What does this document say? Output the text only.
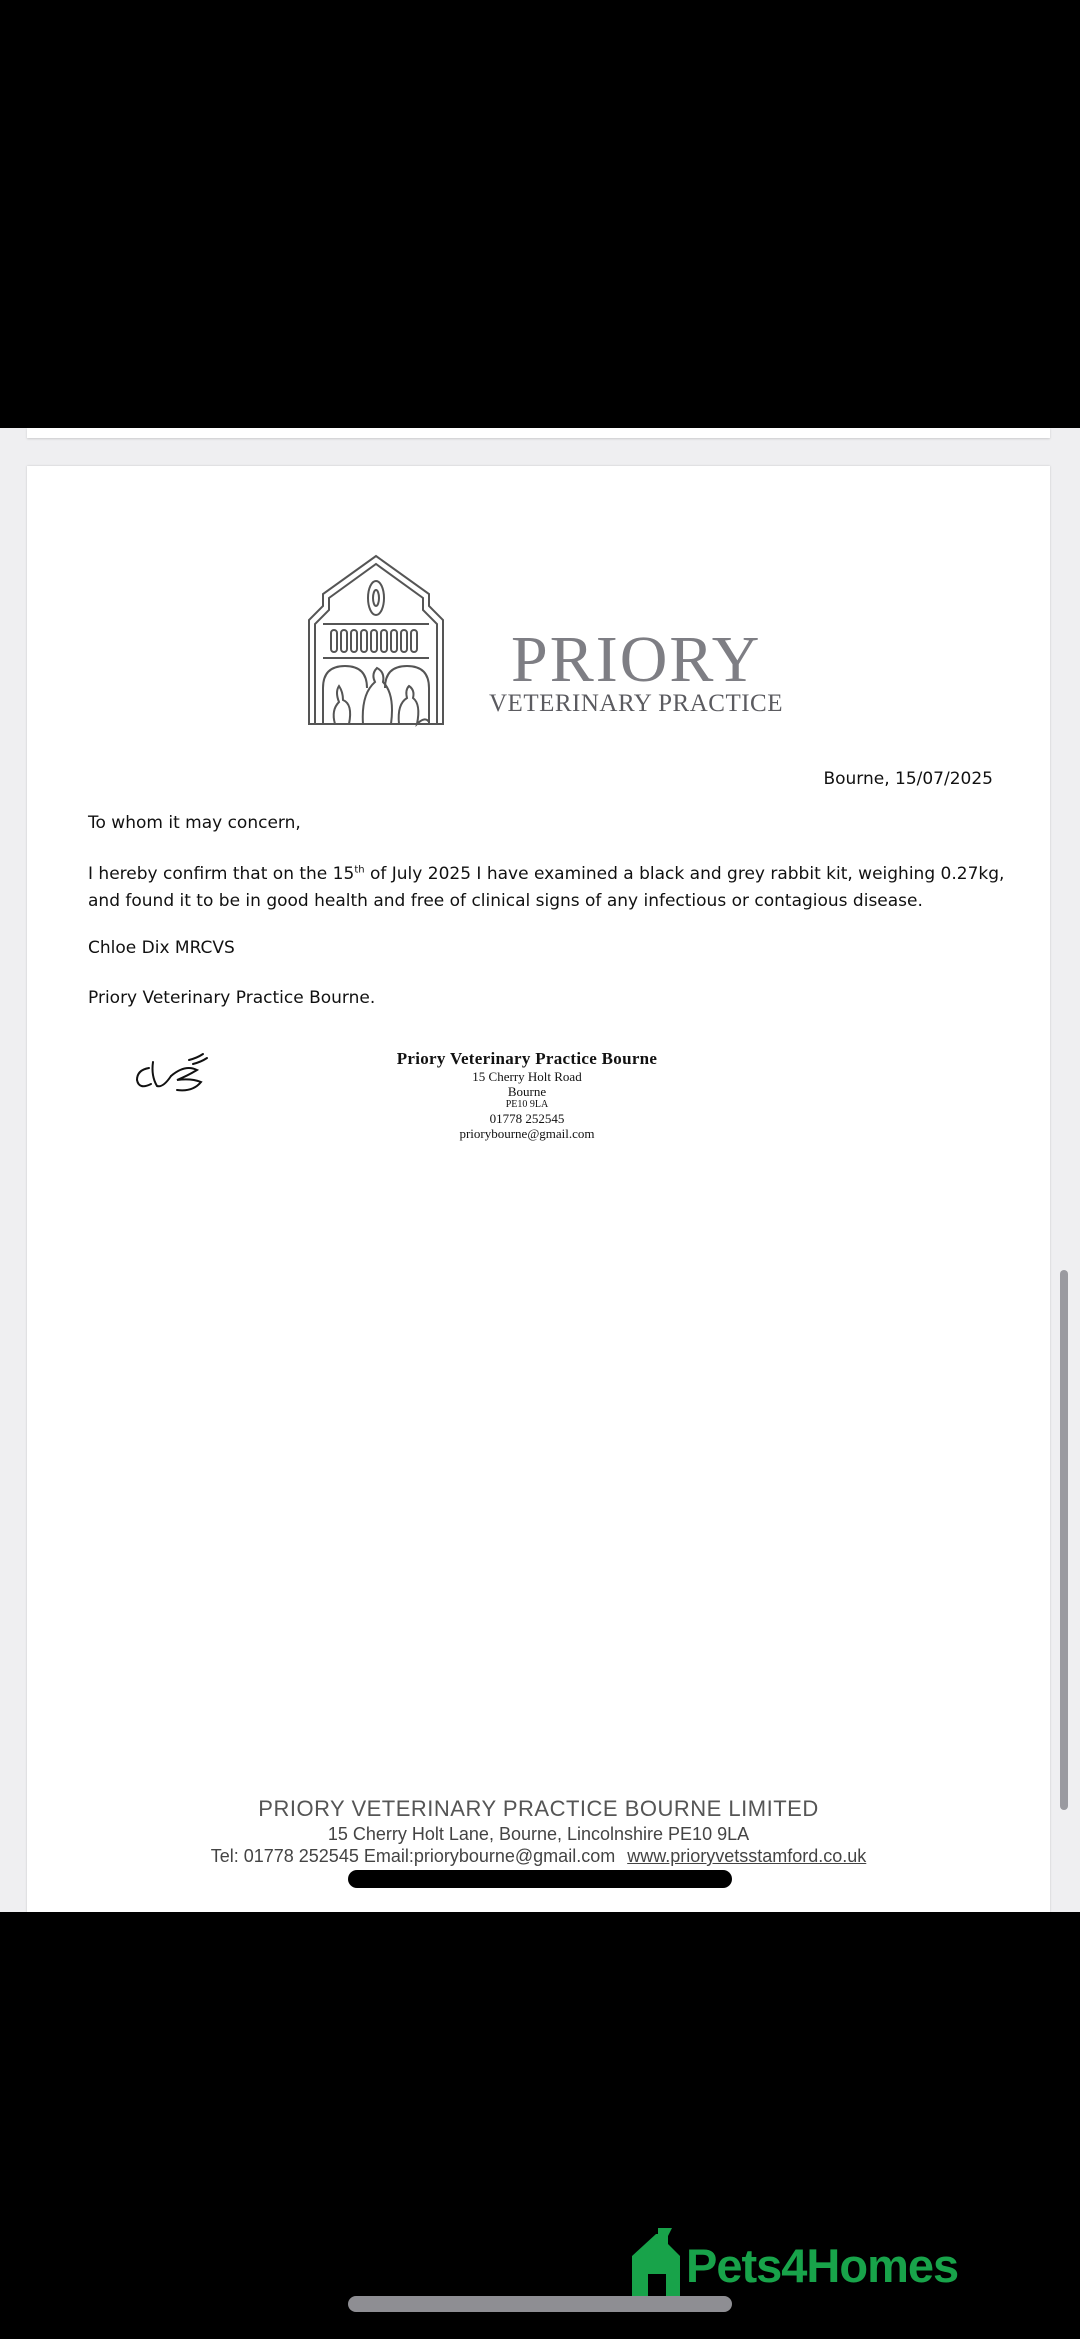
PRIORY
VETERINARY PRACTICE
Bourne, 15/07/2025
To whom it may concern,
I hereby confirm that on the 15th of July 2025 I have examined a black and grey rabbit kit, weighing 0.27kg,
and found it to be in good health and free of clinical signs of any infectious or contagious disease.
Chloe Dix MRCVS
Priory Veterinary Practice Bourne.
Priory Veterinary Practice Bourne
15 Cherry Holt Road
Bourne
PE10 9LA
01778 252545
priorybourne@gmail.com
PRIORY VETERINARY PRACTICE BOURNE LIMITED
15 Cherry Holt Lane, Bourne, Lincolnshire PE10 9LA
Tel: 01778 252545 Email:priorybourne@gmail.com www.prioryvetsstamford.co.uk
Pets4Homes
